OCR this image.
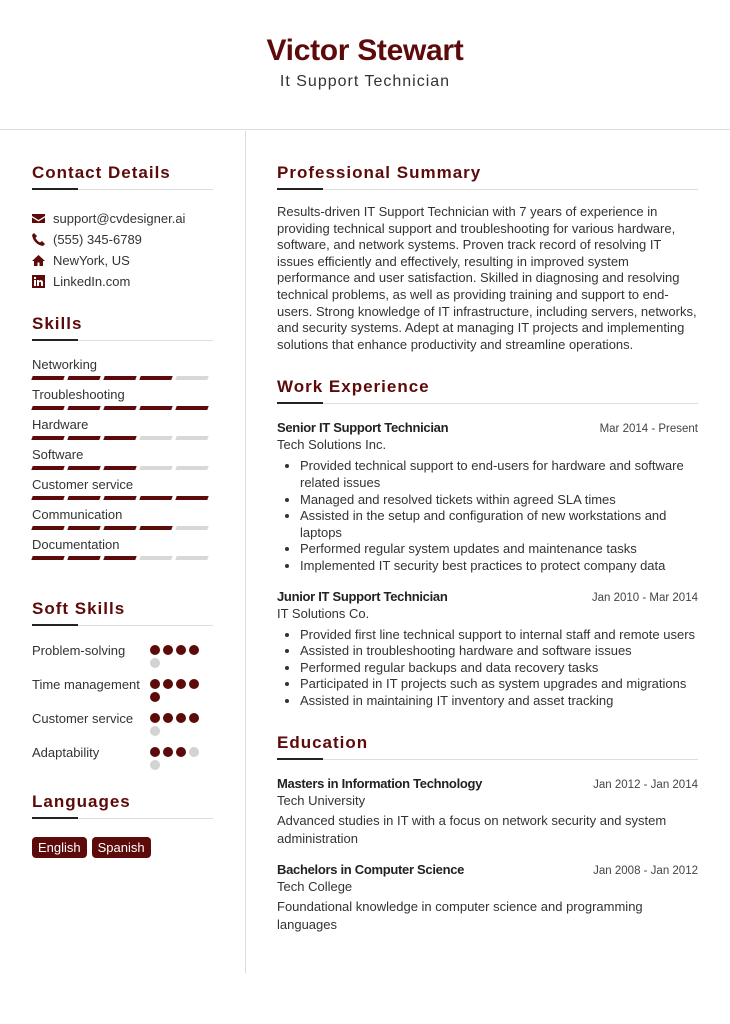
Victor Stewart
It Support Technician
Contact Details
support@cvdesigner.ai
(555) 345-6789
NewYork, US
LinkedIn.com
Skills
Networking
Troubleshooting
Hardware
Software
Customer service
Communication
Documentation
Soft Skills
Problem-solving
Time management
Customer service
Adaptability
Languages
English	Spanish
Professional Summary

Results-driven IT Support Technician with 7 years of experience in providing technical support and troubleshooting for various hardware, software, and network systems. Proven track record of resolving IT issues efficiently and effectively, resulting in improved system performance and user satisfaction. Skilled in diagnosing and resolving technical problems, as well as providing training and support to end-users. Strong knowledge of IT infrastructure, including servers, networks, and security systems. Adept at managing IT projects and implementing solutions that enhance productivity and streamline operations.

Work Experience
Senior IT Support Technician	Mar 2014 - Present
Tech Solutions Inc.
• Provided technical support to end-users for hardware and software related issues
• Managed and resolved tickets within agreed SLA times
• Assisted in the setup and configuration of new workstations and laptops
• Performed regular system updates and maintenance tasks
• Implemented IT security best practices to protect company data
Junior IT Support Technician	Jan 2010 - Mar 2014
IT Solutions Co.
• Provided first line technical support to internal staff and remote users
• Assisted in troubleshooting hardware and software issues
• Performed regular backups and data recovery tasks
• Participated in IT projects such as system upgrades and migrations
• Assisted in maintaining IT inventory and asset tracking
Education
Masters in Information Technology	Jan 2012 - Jan 2014
Tech University
Advanced studies in IT with a focus on network security and system administration
Bachelors in Computer Science	Jan 2008 - Jan 2012
Tech College
Foundational knowledge in computer science and programming languages
